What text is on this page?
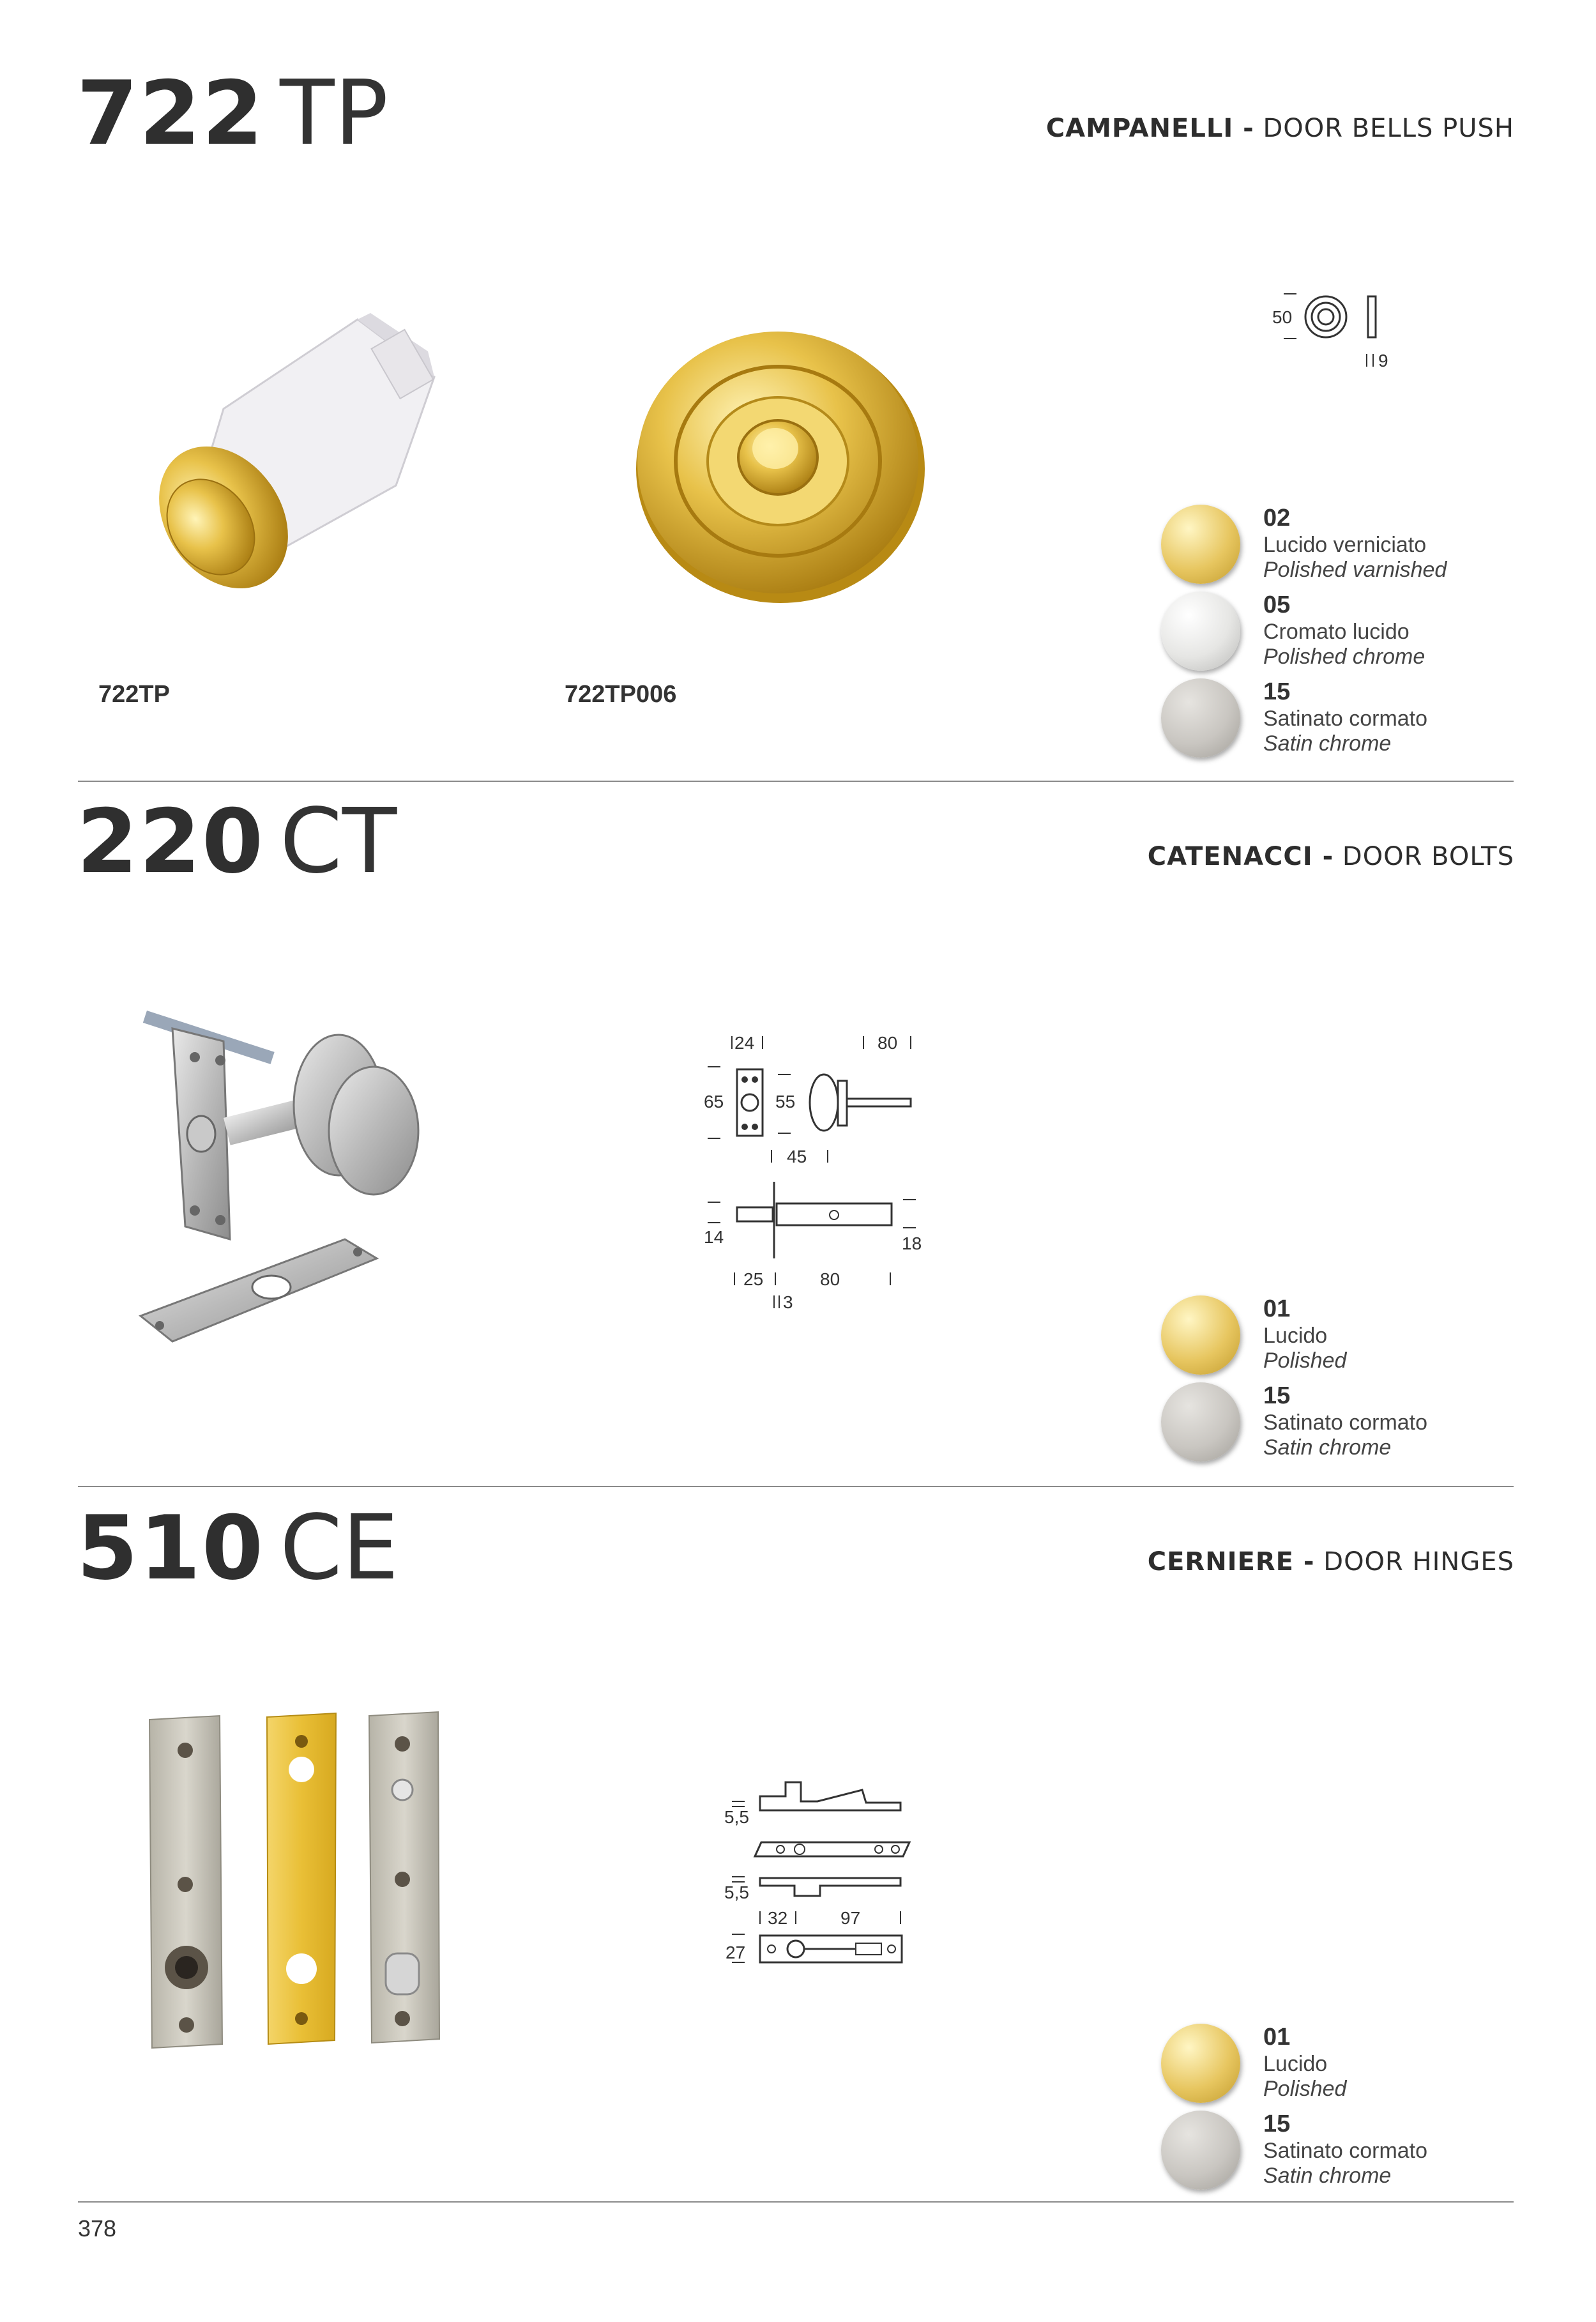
722 TP	CAMPANELLI - DOOR BELLS PUSH
722TP	722TP006
50
9
02
Lucido verniciato
Polished varnished
05
Cromato lucido
Polished chrome
15
Satinato cormato
Satin chrome
220 CT	CATENACCI - DOOR BOLTS
24	80
65	55
45
14	18
25	80
3	01
Lucido
Polished
15
Satinato cormato
Satin chrome
510 CE	CERNIERE - DOOR HINGES
5,5
5,5
32	97
27
01
Lucido
Polished
15
Satinato cormato
Satin chrome
378
